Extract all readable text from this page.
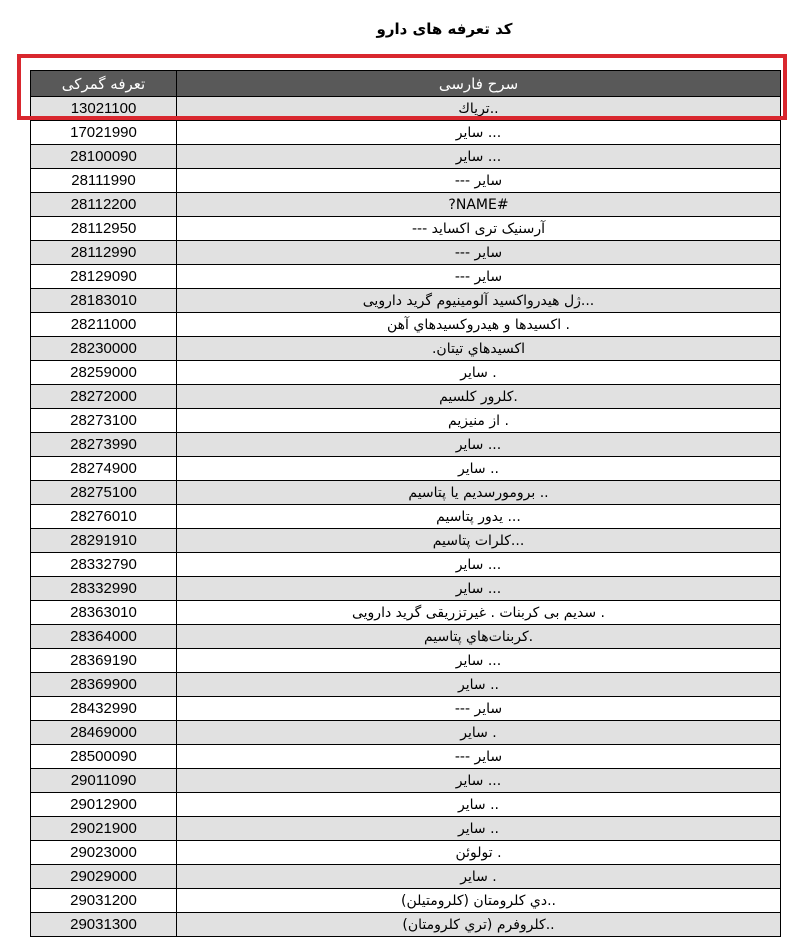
کد تعرفه های دارو
تعرفه گمرکی	سرح فارسی
13021100	..ترياك
17021990	... ساير
28100090	... ساير
28111990	ساير ---
28112200	#NAME?
28112950	آرسنیک تری اکساید ---
28112990	ساير ---
28129090	ساير ---
28183010	...ژل هیدرواکسید آلومینیوم گرید دارویی
28211000	. اكسيدها و هيدروكسيدهاي آهن
28230000	اكسيدهاي تيتان.
28259000	. ساير
28272000	.كلرور كلسيم
28273100	. از منيزيم
28273990	... ساير
28274900	.. ساير
28275100	.. برومورسديم يا پتاسيم
28276010	... يدور پتاسيم
28291910	...كلرات پتاسيم
28332790	... ساير
28332990	... ساير
28363010	. سديم بی کربنات . غيرتزريقی گريد دارويی
28364000	.كربنات‌هاي پتاسيم
28369190	... ساير
28369900	.. ساير
28432990	ساير ---
28469000	. ساير
28500090	ساير ---
29011090	... ساير
29012900	.. ساير
29021900	.. ساير
29023000	. تولوئن
29029000	. ساير
29031200	..دي كلرومتان (كلرومتيلن)
29031300	..كلروفرم (تري كلرومتان)
